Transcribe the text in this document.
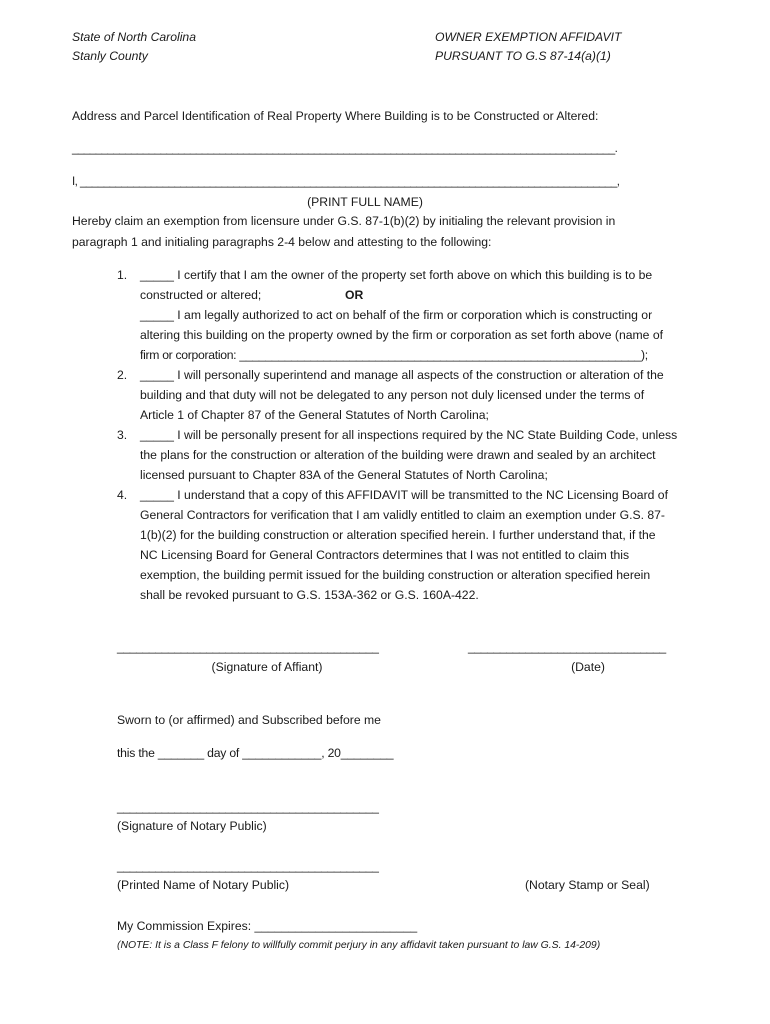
State of North Carolina
Stanly County
OWNER EXEMPTION AFFIDAVIT
PURSUANT TO G.S 87-14(a)(1)
Address and Parcel Identification of Real Property Where Building is to be Constructed or Altered:
____________________________________________________________________________________________.
I, ___________________________________________________________________________________________,
(PRINT FULL NAME)
Hereby claim an exemption from licensure under G.S. 87-1(b)(2) by initialing the relevant provision in
paragraph 1 and initialing paragraphs 2-4 below and attesting to the following:
1. _____ I certify that I am the owner of the property set forth above on which this building is to be
constructed or altered;
_____ I am legally authorized to act on behalf of the firm or corporation which is constructing or
altering this building on the property owned by the firm or corporation as set forth above (name of
firm or corporation: ______________________________________________________________);
OR
2. _____ I will personally superintend and manage all aspects of the construction or alteration of the
building and that duty will not be delegated to any person not duly licensed under the terms of
Article 1 of Chapter 87 of the General Statutes of North Carolina;
3. _____ I will be personally present for all inspections required by the NC State Building Code, unless
the plans for the construction or alteration of the building were drawn and sealed by an architect
licensed pursuant to Chapter 83A of the General Statutes of North Carolina;
4. _____ I understand that a copy of this AFFIDAVIT will be transmitted to the NC Licensing Board of
General Contractors for verification that I am validly entitled to claim an exemption under G.S. 87-
1(b)(2) for the building construction or alteration specified herein. I further understand that, if the
NC Licensing Board for General Contractors determines that I was not entitled to claim this
exemption, the building permit issued for the building construction or alteration specified herein
shall be revoked pursuant to G.S. 153A-362 or G.S. 160A-422.
_________________________________________
(Signature of Affiant)
_______________________________
(Date)
Sworn to (or affirmed) and Subscribed before me
this the _______ day of ____________, 20________
_________________________________________
(Signature of Notary Public)
_________________________________________
(Printed Name of Notary Public)	(Notary Stamp or Seal)
My Commission Expires: ________________________
(NOTE: It is a Class F felony to willfully commit perjury in any affidavit taken pursuant to law G.S. 14-209)
